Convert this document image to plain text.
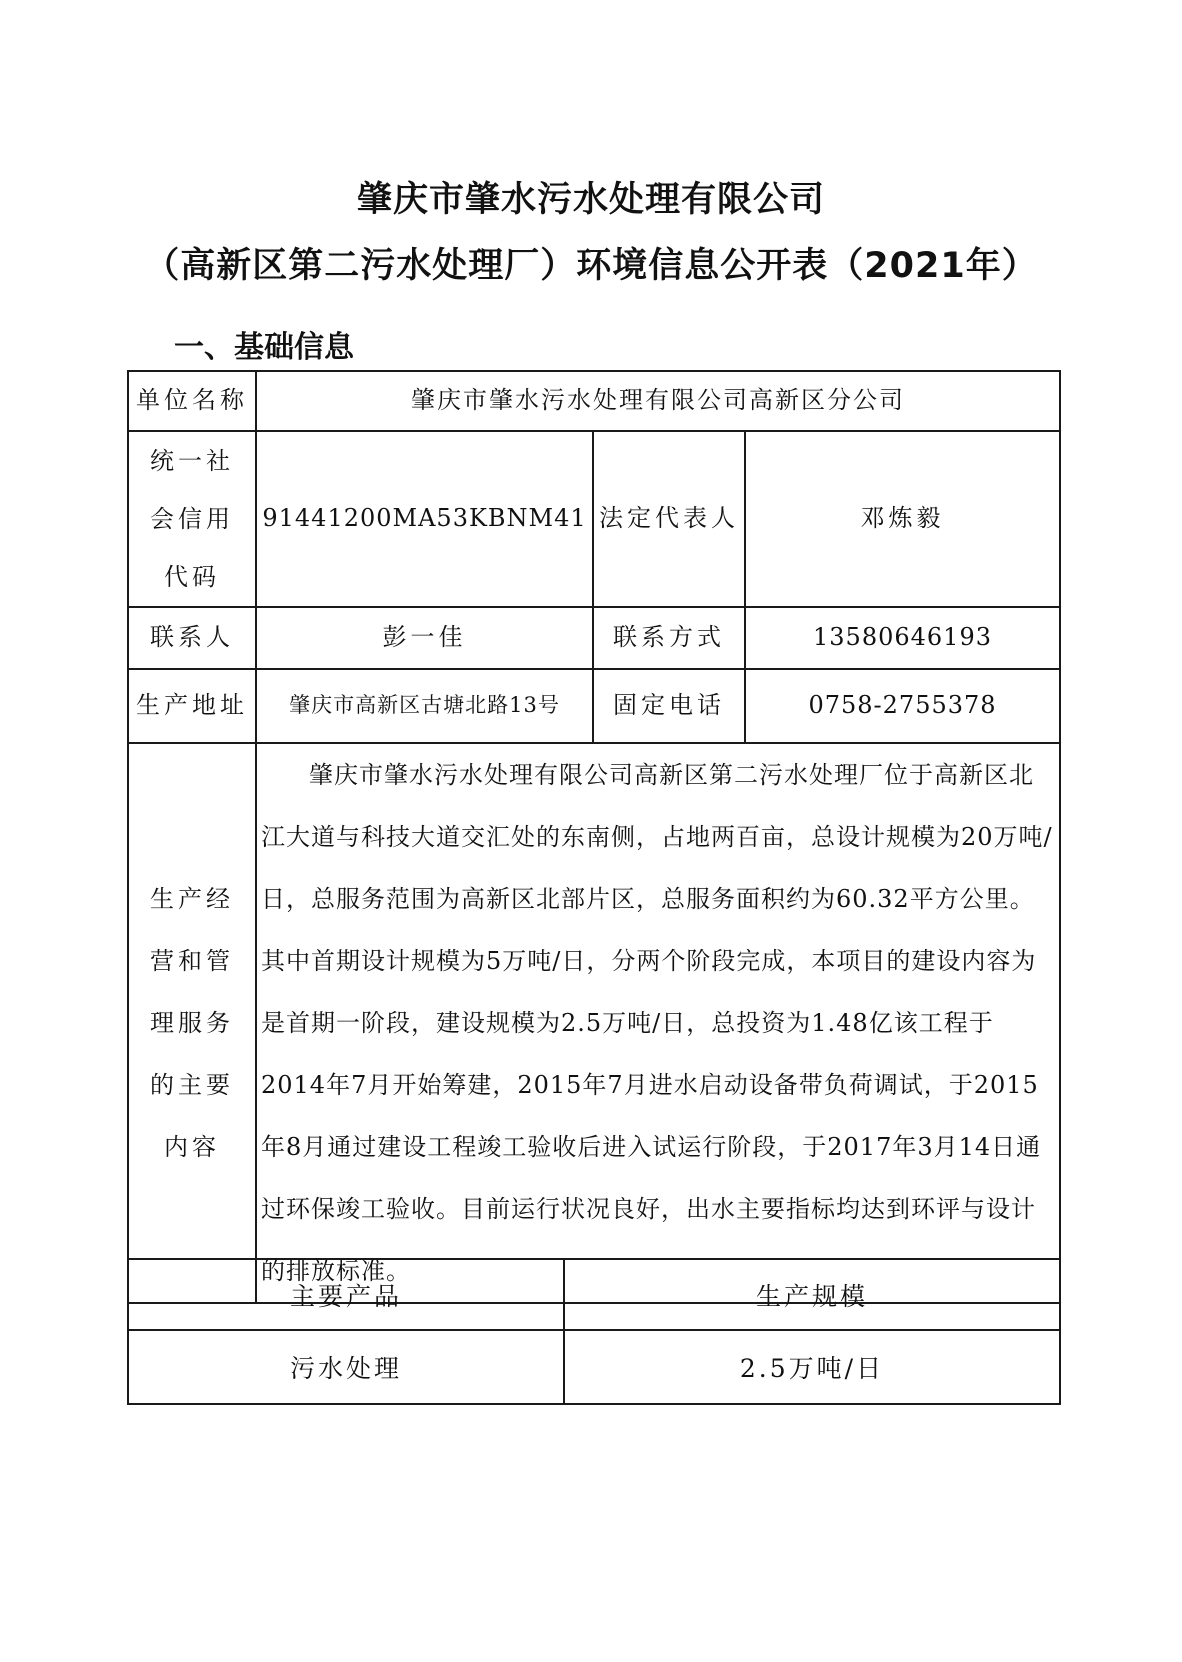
肇庆市肇水污水处理有限公司
（高新区第二污水处理厂）环境信息公开表（2021年）
一、基础信息
单位名称	肇庆市肇水污水处理有限公司高新区分公司		
统一社会信用代码	91441200MA53KBNM41	法定代表人	邓炼毅
联系人	彭一佳	联系方式	13580646193
生产地址	肇庆市高新区古塘北路13号	固定电话	0758-2755378
生产经营和管理服务的主要内容	肇庆市肇水污水处理有限公司高新区第二污水处理厂位于高新区北江大道与科技大道交汇处的东南侧，占地两百亩，总设计规模为20万吨/日，总服务范围为高新区北部片区，总服务面积约为60.32平方公里。其中首期设计规模为5万吨/日，分两个阶段完成，本项目的建设内容为是首期一阶段，建设规模为2.5万吨/日，总投资为1.48亿该工程于2014年7月开始筹建，2015年7月进水启动设备带负荷调试，于2015年8月通过建设工程竣工验收后进入试运行阶段，于2017年3月14日通过环保竣工验收。目前运行状况良好，出水主要指标均达到环评与设计的排放标准。		
主要产品	生产规模
污水处理	2.5万吨/日
